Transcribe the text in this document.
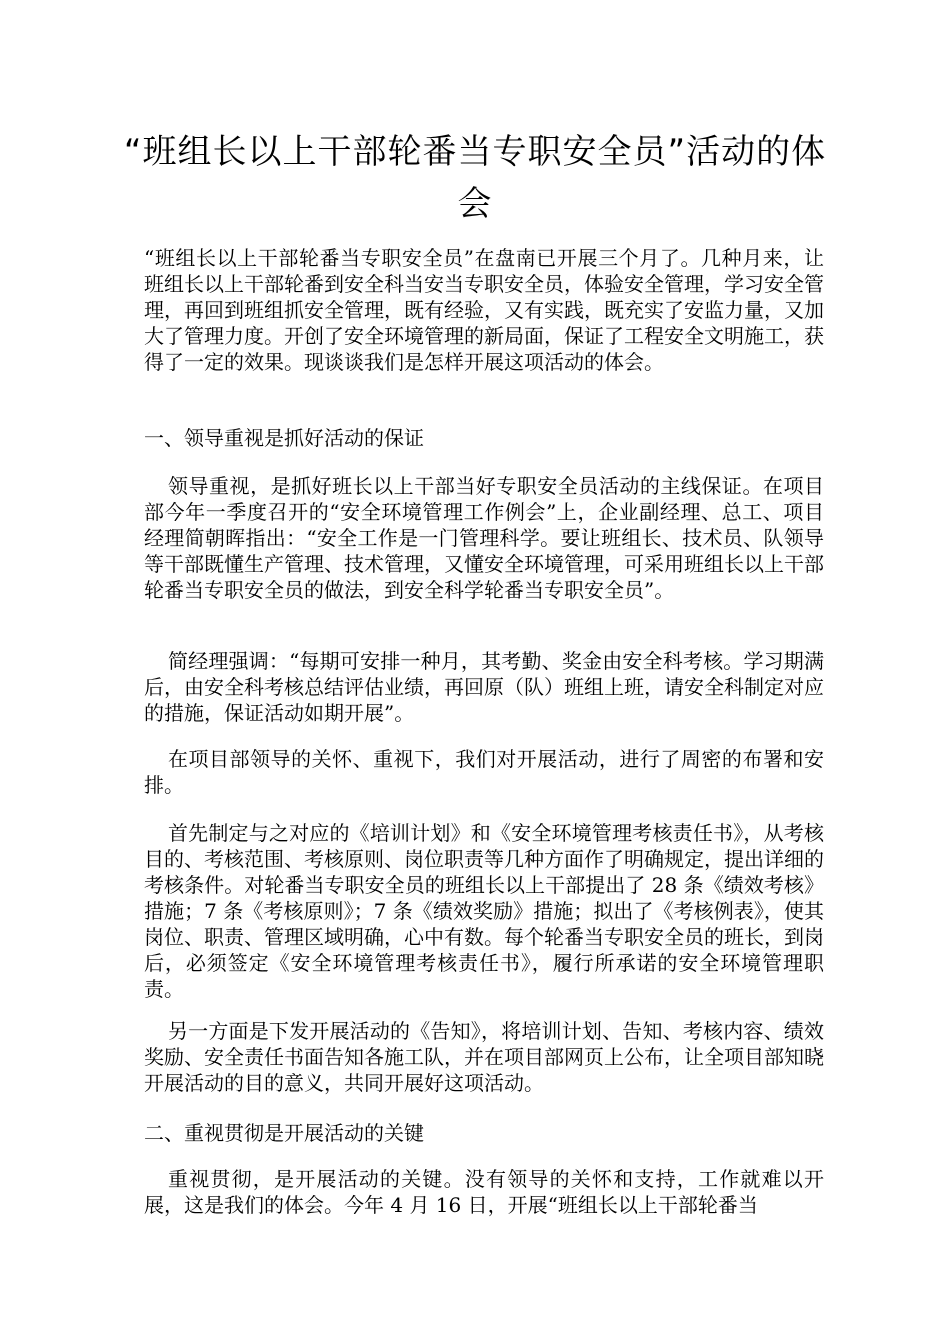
“班组长以上干部轮番当专职安全员”活动的体会

“班组长以上干部轮番当专职安全员”在盘南已开展三个月了。几种月来，让班组长以上干部轮番到安全科当安当专职安全员，体验安全管理，学习安全管理，再回到班组抓安全管理，既有经验，又有实践，既充实了安监力量，又加大了管理力度。开创了安全环境管理的新局面，保证了工程安全文明施工，获得了一定的效果。现谈谈我们是怎样开展这项活动的体会。

一、领导重视是抓好活动的保证

领导重视，是抓好班长以上干部当好专职安全员活动的主线保证。在项目部今年一季度召开的“安全环境管理工作例会”上，企业副经理、总工、项目经理简朝晖指出：“安全工作是一门管理科学。要让班组长、技术员、队领导等干部既懂生产管理、技术管理，又懂安全环境管理，可采用班组长以上干部轮番当专职安全员的做法，到安全科学轮番当专职安全员”。

简经理强调：“每期可安排一种月，其考勤、奖金由安全科考核。学习期满后，由安全科考核总结评估业绩，再回原（队）班组上班，请安全科制定对应的措施，保证活动如期开展”。

在项目部领导的关怀、重视下，我们对开展活动，进行了周密的布署和安排。

首先制定与之对应的《培训计划》和《安全环境管理考核责任书》，从考核目的、考核范围、考核原则、岗位职责等几种方面作了明确规定，提出详细的考核条件。对轮番当专职安全员的班组长以上干部提出了 28 条《绩效考核》措施；7 条《考核原则》；7 条《绩效奖励》措施；拟出了《考核例表》，使其岗位、职责、管理区域明确，心中有数。每个轮番当专职安全员的班长，到岗后，必须签定《安全环境管理考核责任书》，履行所承诺的安全环境管理职责。

另一方面是下发开展活动的《告知》，将培训计划、告知、考核内容、绩效奖励、安全责任书面告知各施工队，并在项目部网页上公布，让全项目部知晓开展活动的目的意义，共同开展好这项活动。

二、重视贯彻是开展活动的关键

重视贯彻，是开展活动的关键。没有领导的关怀和支持，工作就难以开展，这是我们的体会。今年 4 月 16 日，开展“班组长以上干部轮番当
